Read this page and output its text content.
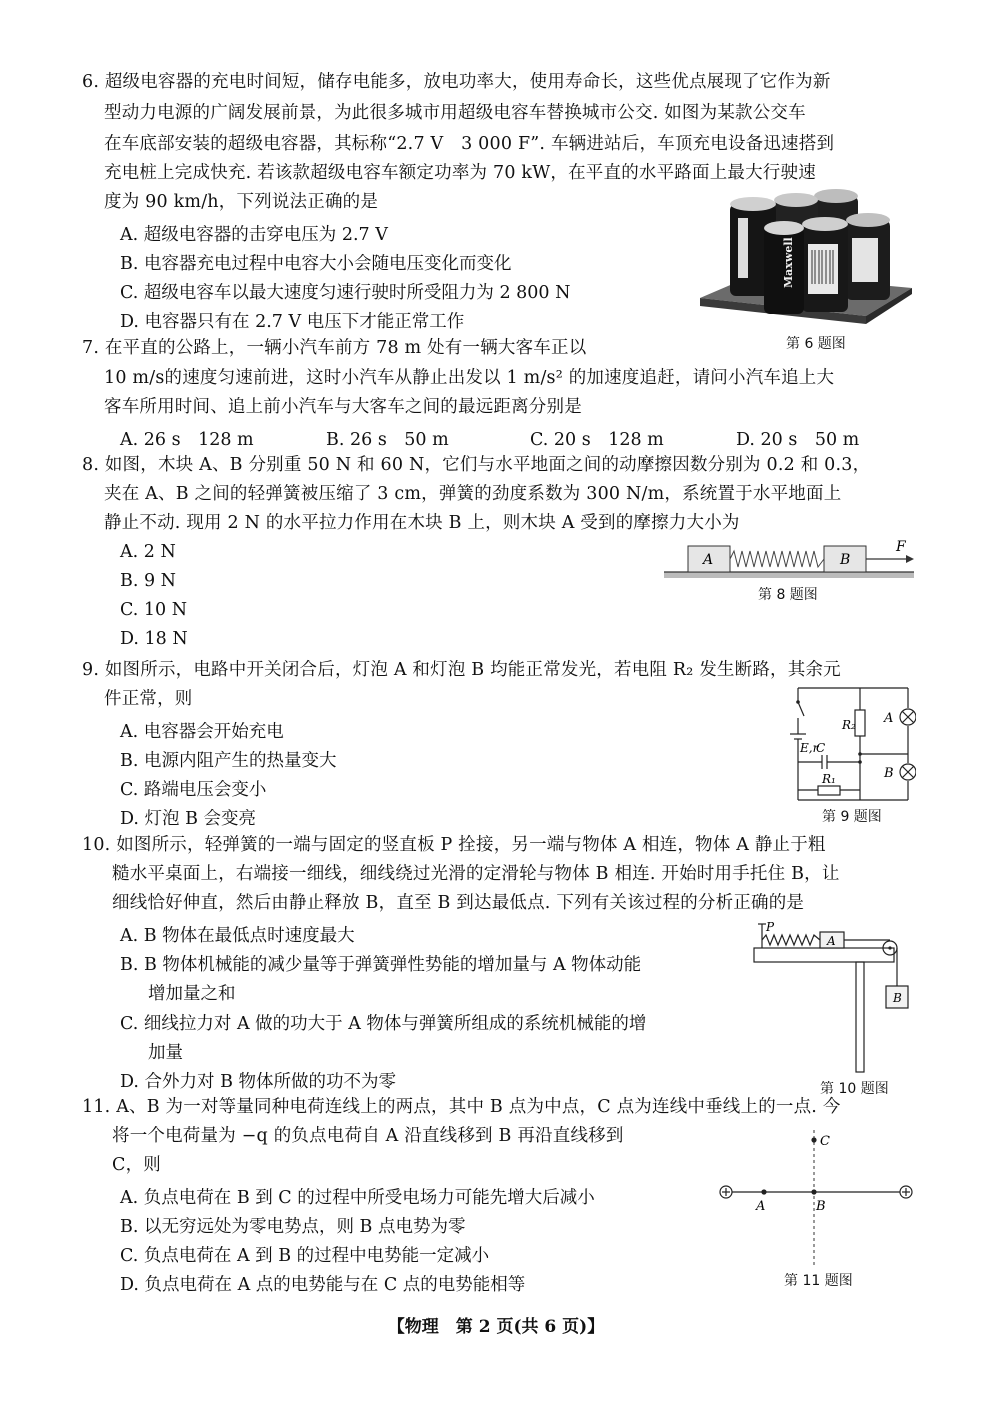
6. 超级电容器的充电时间短，储存电能多，放电功率大，使用寿命长，这些优点展现了它作为新
型动力电源的广阔发展前景，为此很多城市用超级电容车替换城市公交. 如图为某款公交车
在车底部安装的超级电容器，其标称“2.7 V　3 000 F”. 车辆进站后，车顶充电设备迅速搭到
充电桩上完成快充. 若该款超级电容车额定功率为 70 kW，在平直的水平路面上最大行驶速
度为 90 km/h，下列说法正确的是
A. 超级电容器的击穿电压为 2.7 V
B. 电容器充电过程中电容大小会随电压变化而变化
C. 超级电容车以最大速度匀速行驶时所受阻力为 2 800 N
D. 电容器只有在 2.7 V 电压下才能正常工作
Maxwell
第 6 题图
7. 在平直的公路上，一辆小汽车前方 78 m 处有一辆大客车正以
10 m/s的速度匀速前进，这时小汽车从静止出发以 1 m/s² 的加速度追赶，请问小汽车追上大
客车所用时间、追上前小汽车与大客车之间的最远距离分别是
A. 26 s　128 m	B. 26 s　50 m	C. 20 s　128 m	D. 20 s　50 m
8. 如图，木块 A、B 分别重 50 N 和 60 N，它们与水平地面之间的动摩擦因数分别为 0.2 和 0.3，
夹在 A、B 之间的轻弹簧被压缩了 3 cm，弹簧的劲度系数为 300 N/m，系统置于水平地面上
静止不动. 现用 2 N 的水平拉力作用在木块 B 上，则木块 A 受到的摩擦力大小为
A. 2 N
B. 9 N
C. 10 N
D. 18 N
A	B
F
第 8 题图
9. 如图所示，电路中开关闭合后，灯泡 A 和灯泡 B 均能正常发光，若电阻 R₂ 发生断路，其余元
件正常，则
A. 电容器会开始充电
B. 电源内阻产生的热量变大
C. 路端电压会变小
D. 灯泡 B 会变亮
E,r
C
R₁
R₂ A
B
第 9 题图
10. 如图所示，轻弹簧的一端与固定的竖直板 P 拴接，另一端与物体 A 相连，物体 A 静止于粗
糙水平桌面上，右端接一细线，细线绕过光滑的定滑轮与物体 B 相连. 开始时用手托住 B，让
细线恰好伸直，然后由静止释放 B，直至 B 到达最低点. 下列有关该过程的分析正确的是
A. B 物体在最低点时速度最大
B. B 物体机械能的减少量等于弹簧弹性势能的增加量与 A 物体动能
增加量之和
C. 细线拉力对 A 做的功大于 A 物体与弹簧所组成的系统机械能的增
加量
D. 合外力对 B 物体所做的功不为零
P
A
B
第 10 题图
11. A、B 为一对等量同种电荷连线上的两点，其中 B 点为中点，C 点为连线中垂线上的一点. 今
将一个电荷量为 −q 的负点电荷自 A 沿直线移到 B 再沿直线移到
C，则
A. 负点电荷在 B 到 C 的过程中所受电场力可能先增大后减小
B. 以无穷远处为零电势点，则 B 点电势为零
C. 负点电荷在 A 到 B 的过程中电势能一定减小
D. 负点电荷在 A 点的电势能与在 C 点的电势能相等
A	B
C
第 11 题图
【物理　第 2 页(共 6 页)】
